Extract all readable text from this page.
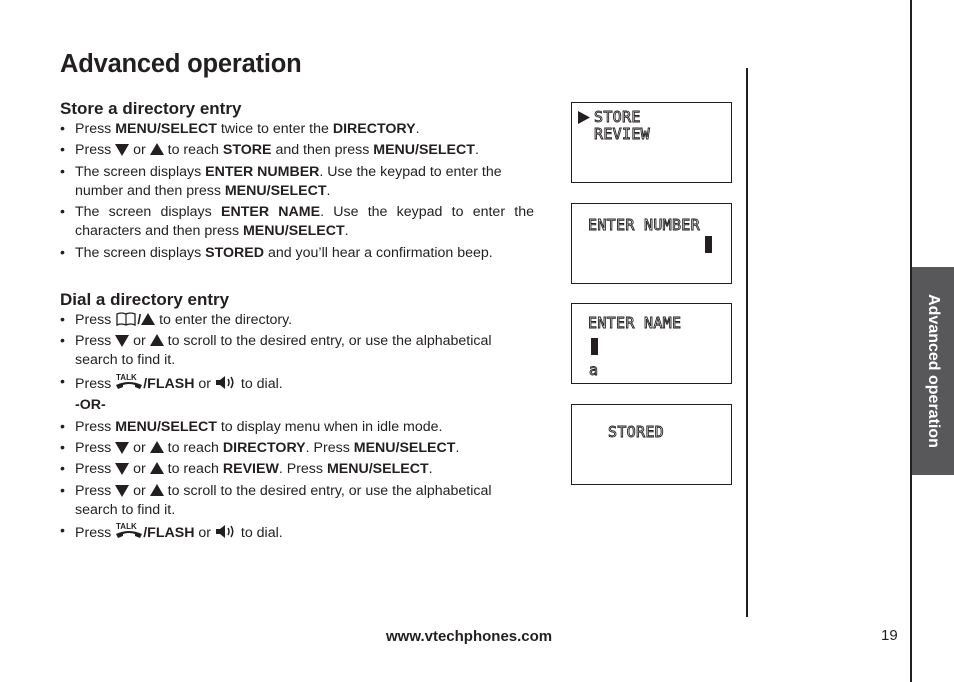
Advanced operation
Store a directory entry
• Press MENU/SELECT twice to enter the DIRECTORY.
• Press  or  to reach STORE and then press MENU/SELECT.
• The screen displays ENTER NUMBER. Use the keypad to enter the number and then press MENU/SELECT.
• The screen displays ENTER NAME. Use the keypad to enter the characters and then press MENU/SELECT.
• The screen displays STORED and you’ll hear a confirmation beep.
Dial a directory entry
• Press / to enter the directory.
• Press  or  to scroll to the desired entry, or use the alphabetical search to find it.
• Press TALK /FLASH or  to dial.
-OR-
• Press MENU/SELECT to display menu when in idle mode.
• Press  or  to reach DIRECTORY. Press MENU/SELECT.
• Press  or  to reach REVIEW. Press MENU/SELECT.
• Press  or  to scroll to the desired entry, or use the alphabetical search to find it.
• Press TALK /FLASH or  to dial.
STORE
REVIEW
ENTER NUMBER
ENTER NAME
a
STORED	Advanced operation
www.vtechphones.com	19
